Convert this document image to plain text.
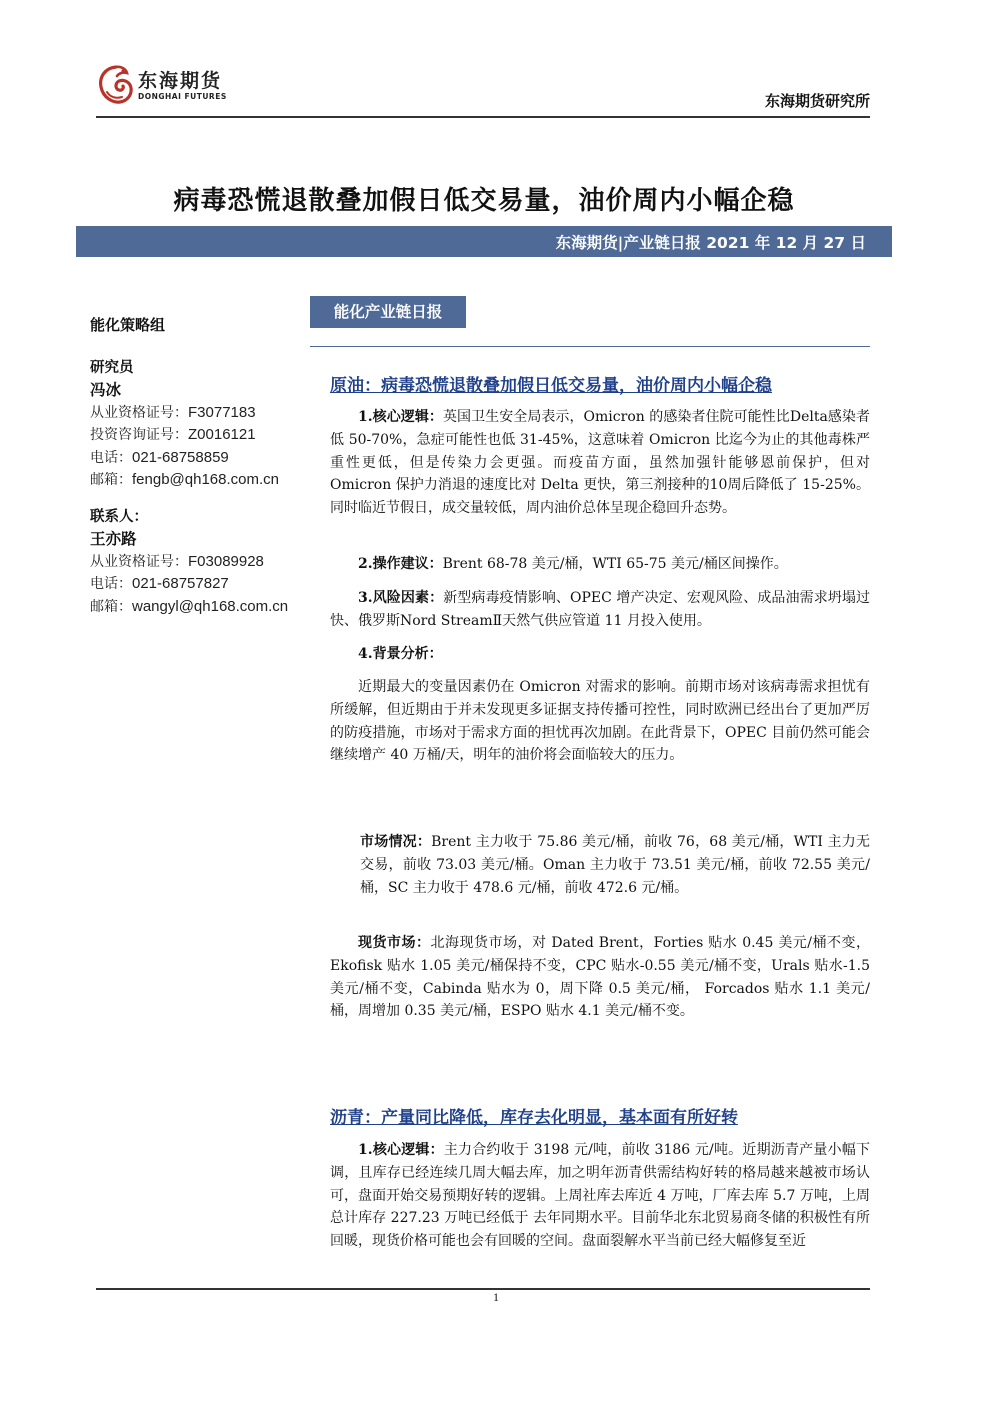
东海期货
DONGHAI FUTURES	东海期货研究所
病毒恐慌退散叠加假日低交易量，油价周内小幅企稳
东海期货|产业链日报 2021 年 12 月 27 日
能化策略组
研究员
冯冰
从业资格证号：F3077183
投资咨询证号：Z0016121
电话：021-68758859
邮箱：fengb@qh168.com.cn
联系人：
王亦路
从业资格证号：F03089928
电话：021-68757827
邮箱：wangyl@qh168.com.cn
能化产业链日报
原油：病毒恐慌退散叠加假日低交易量，油价周内小幅企稳
1.核心逻辑：英国卫生安全局表示，Omicron 的感染者住院可能性比Delta感染者低 50-70%，急症可能性也低 31-45%，这意味着 Omicron 比迄今为止的其他毒株严重性更低，但是传染力会更强。而疫苗方面，虽然加强针能够恩前保护，但对 Omicron 保护力消退的速度比对 Delta 更快，第三剂接种的10周后降低了 15-25%。同时临近节假日，成交量较低，周内油价总体呈现企稳回升态势。
2.操作建议：Brent 68-78 美元/桶，WTI 65-75 美元/桶区间操作。
3.风险因素：新型病毒疫情影响、OPEC 增产决定、宏观风险、成品油需求坍塌过快、俄罗斯Nord StreamⅡ天然气供应管道 11 月投入使用。
4.背景分析：
近期最大的变量因素仍在 Omicron 对需求的影响。前期市场对该病毒需求担忧有所缓解，但近期由于并未发现更多证据支持传播可控性，同时欧洲已经出台了更加严厉的防疫措施，市场对于需求方面的担忧再次加剧。在此背景下，OPEC 目前仍然可能会继续增产 40 万桶/天，明年的油价将会面临较大的压力。
市场情况：Brent 主力收于 75.86 美元/桶，前收 76，68 美元/桶，WTI 主力无交易，前收 73.03 美元/桶。Oman 主力收于 73.51 美元/桶，前收 72.55 美元/桶，SC 主力收于 478.6 元/桶，前收 472.6 元/桶。
现货市场：北海现货市场，对 Dated Brent，Forties 贴水 0.45 美元/桶不变，Ekofisk 贴水 1.05 美元/桶保持不变，CPC 贴水-0.55 美元/桶不变，Urals 贴水-1.5 美元/桶不变，Cabinda 贴水为 0，周下降 0.5 美元/桶， Forcados 贴水 1.1 美元/桶，周增加 0.35 美元/桶，ESPO 贴水 4.1 美元/桶不变。
沥青：产量同比降低，库存去化明显，基本面有所好转
1.核心逻辑：主力合约收于 3198 元/吨，前收 3186 元/吨。近期沥青产量小幅下调，且库存已经连续几周大幅去库，加之明年沥青供需结构好转的格局越来越被市场认可，盘面开始交易预期好转的逻辑。上周社库去库近 4 万吨，厂库去库 5.7 万吨，上周总计库存 227.23 万吨已经低于 去年同期水平。目前华北东北贸易商冬储的积极性有所回暖，现货价格可能也会有回暖的空间。盘面裂解水平当前已经大幅修复至近
1
